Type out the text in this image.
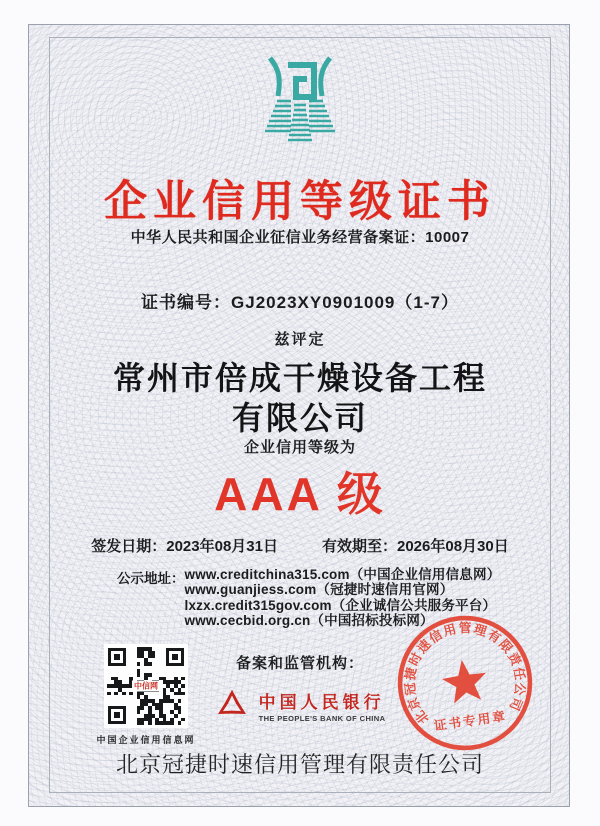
企业信用等级证书
中华人民共和国企业征信业务经营备案证：10007
证书编号：GJ2023XY0901009（1-7）
兹评定
常州市倍成干燥设备工程
有限公司
企业信用等级为
AAA 级
签发日期：2023年08月31日	有效期至：2026年08月30日
公示地址： www.creditchina315.com（中国企业信用信息网）
www.guanjiess.com（冠捷时速信用官网）
lxzx.credit315gov.com（企业诚信公共服务平台）
www.cecbid.org.cn（中国招标投标网）
中信网
中国企业信用信息网
备案和监管机构：
中国人民银行
THE PEOPLE'S BANK OF CHINA	北京冠捷时速信用管理有限责任公司
证书专用章
北京冠捷时速信用管理有限责任公司
